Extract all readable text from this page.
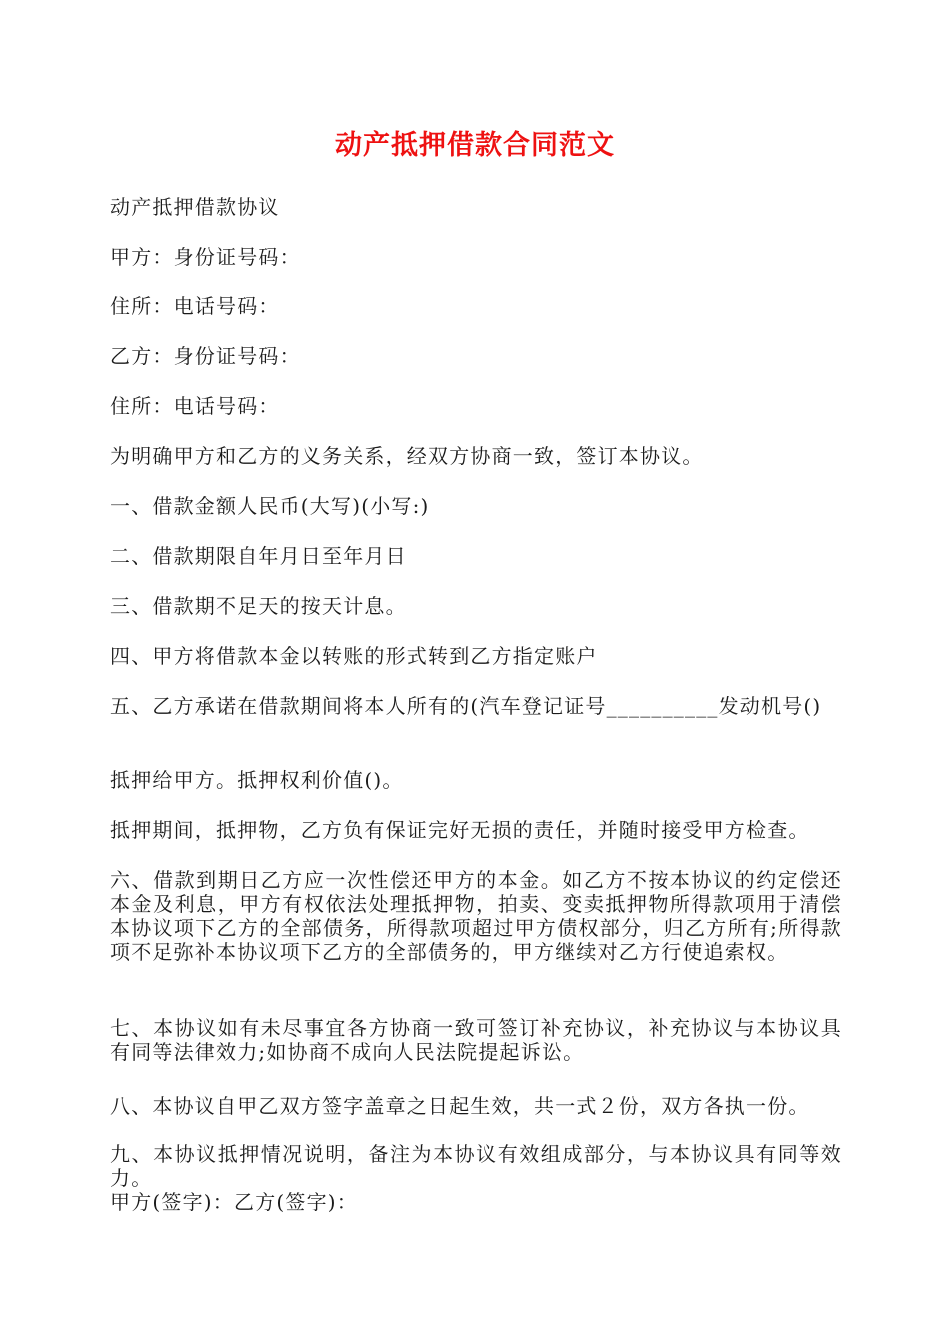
动产抵押借款合同范文
动产抵押借款协议
甲方：身份证号码：
住所：电话号码：
乙方：身份证号码：
住所：电话号码：
为明确甲方和乙方的义务关系，经双方协商一致，签订本协议。
一、借款金额人民币(大写)(小写:)
二、借款期限自年月日至年月日
三、借款期不足天的按天计息。
四、甲方将借款本金以转账的形式转到乙方指定账户
五、乙方承诺在借款期间将本人所有的(汽车登记证号__________发动机号()
抵押给甲方。抵押权利价值()。
抵押期间，抵押物，乙方负有保证完好无损的责任，并随时接受甲方检查。
六、借款到期日乙方应一次性偿还甲方的本金。如乙方不按本协议的约定偿还本金及利息，甲方有权依法处理抵押物，拍卖、变卖抵押物所得款项用于清偿本协议项下乙方的全部债务，所得款项超过甲方债权部分，归乙方所有;所得款项不足弥补本协议项下乙方的全部债务的，甲方继续对乙方行使追索权。
七、本协议如有未尽事宜各方协商一致可签订补充协议，补充协议与本协议具有同等法律效力;如协商不成向人民法院提起诉讼。
八、本协议自甲乙双方签字盖章之日起生效，共一式２份，双方各执一份。
九、本协议抵押情况说明，备注为本协议有效组成部分，与本协议具有同等效力。
甲方(签字)：乙方(签字)：
